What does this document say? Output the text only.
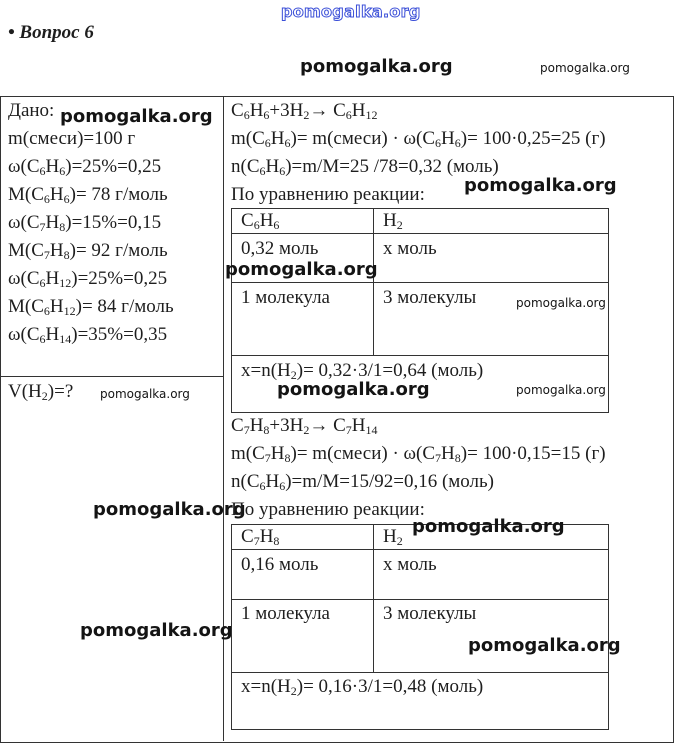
pomogalka.org
• Вопрос 6
pomogalka.org	pomogalka.org
Дано:
m(смеси)=100 г
$\omega(C_6H_6)=25\%=0,25$
$M(C_6H_6)= 78$ г/моль
$\omega(C_7H_8)=15\%=0,15$
$M(C_7H_8)= 92$ г/моль
$\omega(C_6H_{12})=25\%=0,25$
$M(C_6H_{12})= 84$ г/моль
$\omega(C_6H_{14})=35\%=0,35$
$V(H_2)=$?
pomogalka.org
pomogalka.org
pomogalka.org
pomogalka.org
$C_6H_6+3H_2\to C_6H_{12}$
$m(C_6H_6)=$ m(смеси) · $\omega(C_6H_6)= 100\cdot 0,25=25$ (г)
$n(C_6H_6)=m/M=25$ /78=0,32 (моль)
По уравнению реакции:
$C_6H_6$	$H_2$
0,32 моль	x моль
1 молекула	3 молекулы
$x=n(H_2)= 0,32\cdot 3/1=0,64$ (моль)
pomogalka.org
pomogalka.org
pomogalka.org
pomogalka.org	pomogalka.org
$C_7H_8+3H_2\to C_7H_{14}$
$m(C_7H_8)=$ m(смеси) · $\omega(C_7H_8)= 100\cdot 0,15=15$ (г)
$n(C_6H_6)=m/M=15/92=0,16$ (моль)
По уравнению реакции:
$C_7H_8$	$H_2$
0,16 моль	x моль
1 молекула	3 молекулы
$x=n(H_2)= 0,16\cdot 3/1=0,48$ (моль)
pomogalka.org
pomogalka.org
